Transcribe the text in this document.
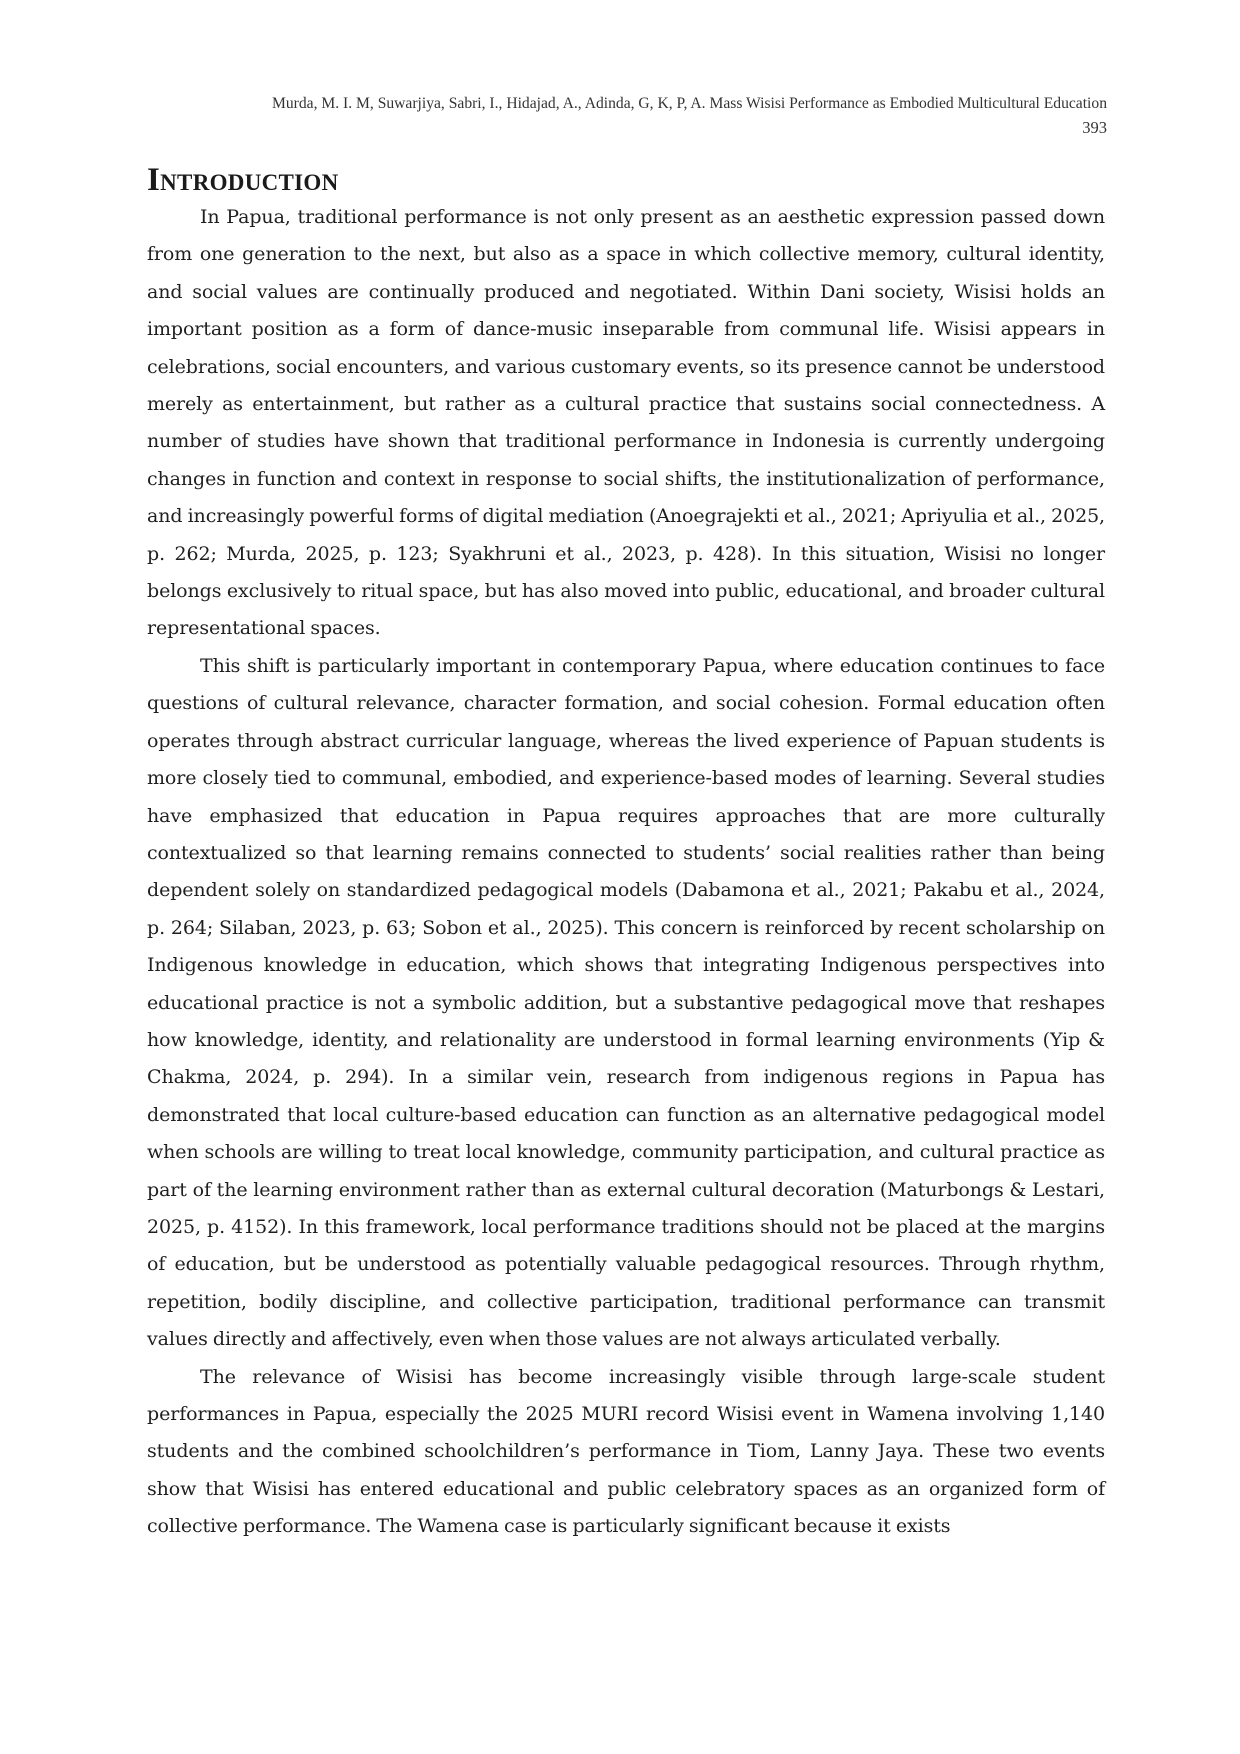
Murda, M. I. M, Suwarjiya, Sabri, I., Hidajad, A., Adinda, G, K, P, A. Mass Wisisi Performance as Embodied Multicultural Education
393
Introduction

In Papua, traditional performance is not only present as an aesthetic expression passed down from one generation to the next, but also as a space in which collective memory, cultural identity, and social values are continually produced and negotiated. Within Dani society, Wisisi holds an important position as a form of dance-music inseparable from communal life. Wisisi appears in celebrations, social encounters, and various customary events, so its presence cannot be understood merely as entertainment, but rather as a cultural practice that sustains social connectedness. A number of studies have shown that traditional performance in Indonesia is currently undergoing changes in function and context in response to social shifts, the institutionalization of performance, and increasingly powerful forms of digital mediation (Anoegrajekti et al., 2021; Apriyulia et al., 2025, p. 262; Murda, 2025, p. 123; Syakhruni et al., 2023, p. 428). In this situation, Wisisi no longer belongs exclusively to ritual space, but has also moved into public, educational, and broader cultural representational spaces.

This shift is particularly important in contemporary Papua, where education continues to face questions of cultural relevance, character formation, and social cohesion. Formal education often operates through abstract curricular language, whereas the lived experience of Papuan students is more closely tied to communal, embodied, and experience-based modes of learning. Several studies have emphasized that education in Papua requires approaches that are more culturally contextualized so that learning remains connected to students’ social realities rather than being dependent solely on standardized pedagogical models (Dabamona et al., 2021; Pakabu et al., 2024, p. 264; Silaban, 2023, p. 63; Sobon et al., 2025). This concern is reinforced by recent scholarship on Indigenous knowledge in education, which shows that integrating Indigenous perspectives into educational practice is not a symbolic addition, but a substantive pedagogical move that reshapes how knowledge, identity, and relationality are understood in formal learning environments (Yip & Chakma, 2024, p. 294). In a similar vein, research from indigenous regions in Papua has demonstrated that local culture-based education can function as an alternative pedagogical model when schools are willing to treat local knowledge, community participation, and cultural practice as part of the learning environment rather than as external cultural decoration (Maturbongs & Lestari, 2025, p. 4152). In this framework, local performance traditions should not be placed at the margins of education, but be understood as potentially valuable pedagogical resources. Through rhythm, repetition, bodily discipline, and collective participation, traditional performance can transmit values directly and affectively, even when those values are not always articulated verbally.

The relevance of Wisisi has become increasingly visible through large-scale student performances in Papua, especially the 2025 MURI record Wisisi event in Wamena involving 1,140 students and the combined schoolchildren’s performance in Tiom, Lanny Jaya. These two events show that Wisisi has entered educational and public celebratory spaces as an organized form of collective performance. The Wamena case is particularly significant because it exists
